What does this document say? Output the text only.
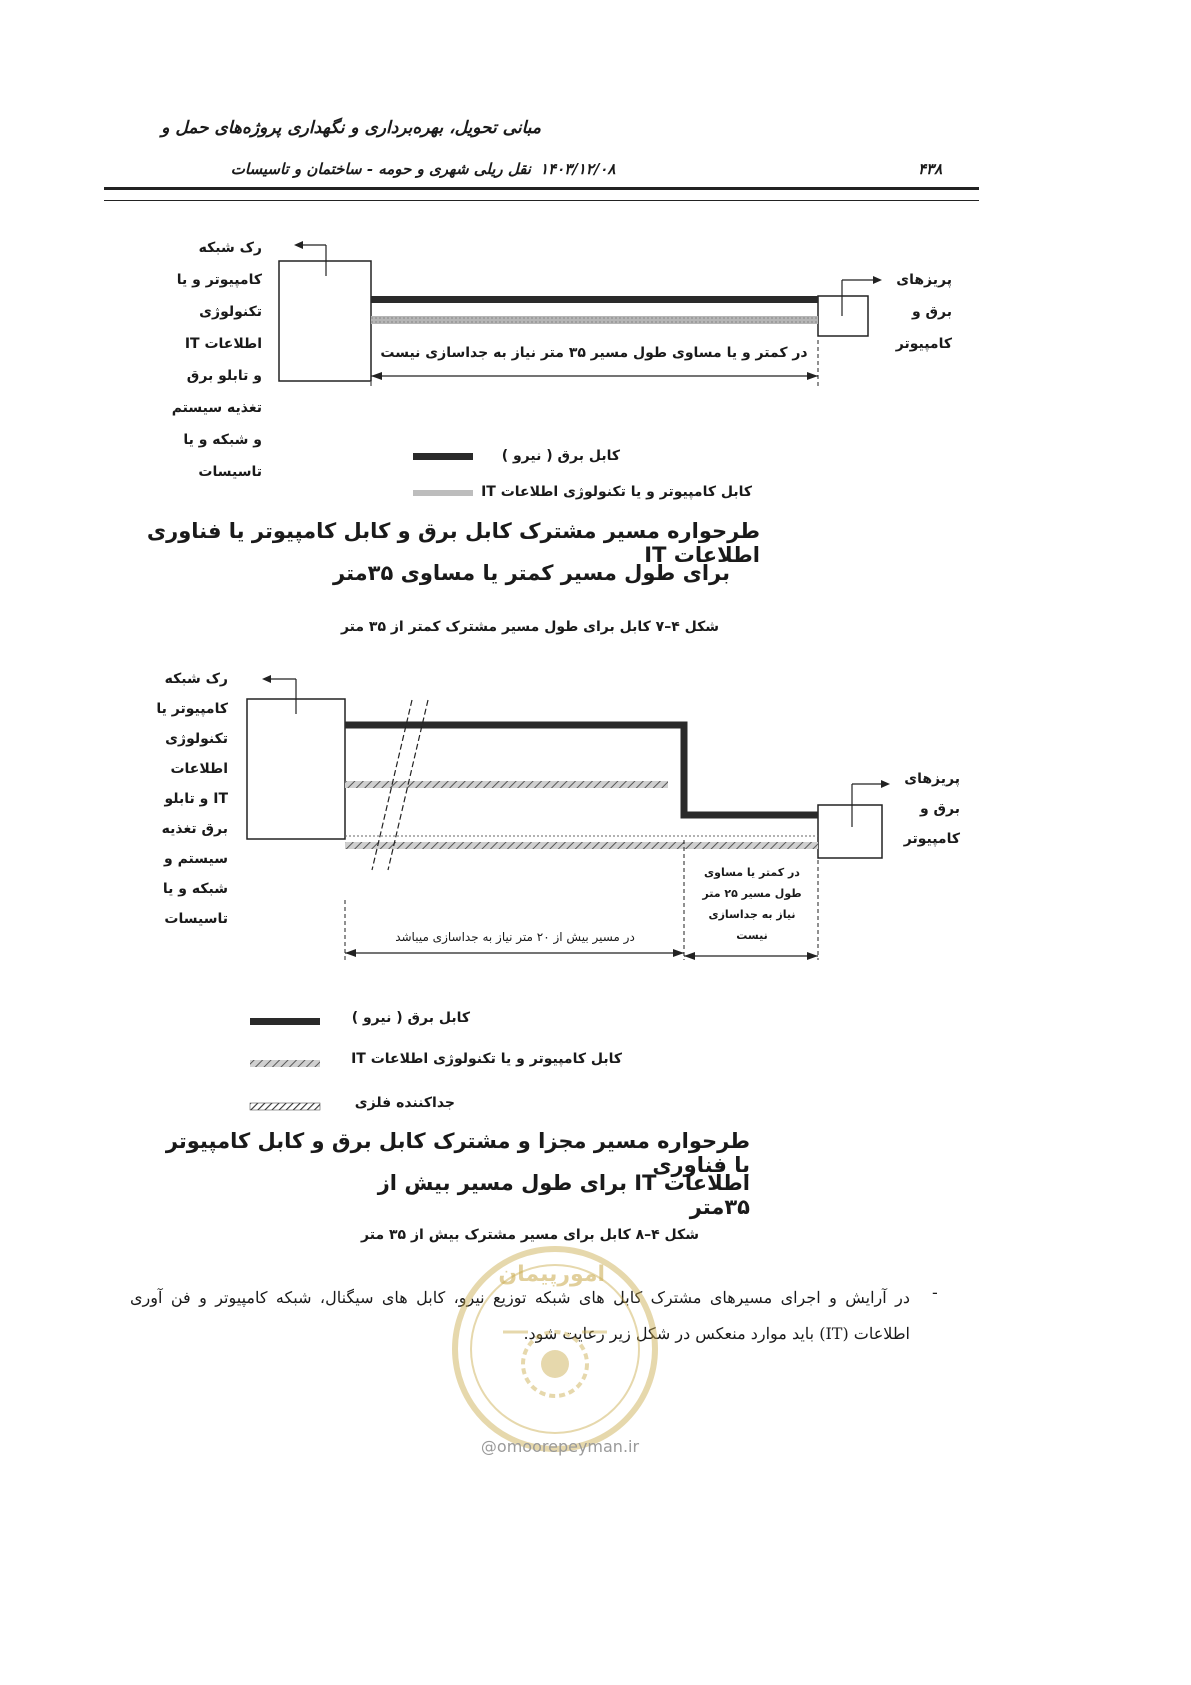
مبانی تحویل، بهره‌برداری و نگهداری پروژه‌های حمل و
نقل ریلی شهری و حومه - ساختمان و تاسیسات ۱۴۰۳/۱۲/۰۸	۴۳۸
رک شبکه
کامپیوتر و یا
تکنولوژی
اطلاعات IT
و تابلو برق
تغذیه سیستم
و شبکه و یا
تاسیسات
پریزهای
برق و
کامپیوتر
در کمتر و یا مساوی طول مسیر ۳۵ متر نیاز به جداسازی نیست
کابل برق ( نیرو )
کابل کامپیوتر و یا تکنولوژی اطلاعات IT
طرحواره مسیر مشترک کابل برق و کابل کامپیوتر یا فناوری اطلاعات IT
برای طول مسیر کمتر یا مساوی ۳۵متر
شکل ۴–۷ کابل برای طول مسیر مشترک کمتر از ۳۵ متر
رک شبکه
کامپیوتر یا
تکنولوژی
اطلاعات
IT و تابلو
برق تغذیه
سیستم و
شبکه و یا
تاسیسات
پریزهای
برق و
کامپیوتر
در مسیر بیش از ۲۰ متر نیاز به جداسازی میباشد
در کمتر یا مساوی
طول مسیر ۲۵ متر
نیاز به جداسازی
نیست
کابل برق ( نیرو )
کابل کامپیوتر و یا تکنولوژی اطلاعات IT
جداکننده فلزی
طرحواره مسیر مجزا و مشترک کابل برق و کابل کامپیوتر یا فناوری
اطلاعات IT برای طول مسیر بیش از ۳۵متر
شکل ۴–۸ کابل برای مسیر مشترک بیش از ۳۵ متر
-
در آرایش و اجرای مسیرهای مشترک کابل های شبکه توزیع نیرو، کابل های سیگنال، شبکه کامپیوتر و فن آوری اطلاعات (IT) باید موارد منعکس در شکل زیر رعایت شود.
امورپیمان
@omoorepeyman.ir
